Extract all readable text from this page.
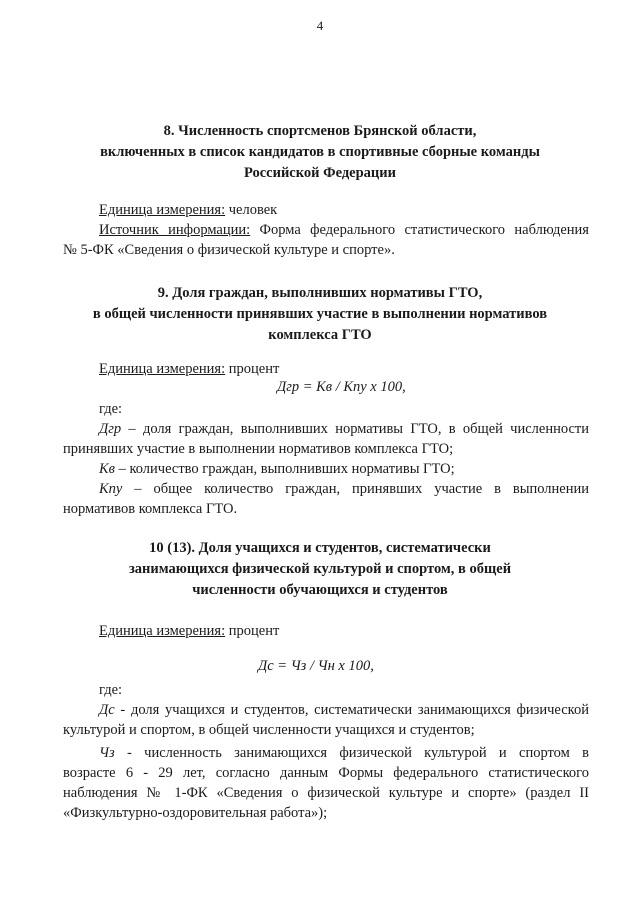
4
8. Численность спортсменов Брянской области,
включенных в список кандидатов в спортивные сборные команды
Российской Федерации
Единица измерения: человек
Источник информации: Форма федерального статистического наблюдения
№ 5-ФК «Сведения о физической культуре и спорте».
9. Доля граждан, выполнивших нормативы ГТО,
в общей численности принявших участие в выполнении нормативов
комплекса ГТО
Единица измерения: процент
Дгр = Кв / Кпу х 100,
где:
Дгр – доля граждан, выполнивших нормативы ГТО, в общей численности
принявших участие в выполнении нормативов комплекса ГТО;
Кв – количество граждан, выполнивших нормативы ГТО;
Кпу – общее количество граждан, принявших участие в выполнении
нормативов комплекса ГТО.
10 (13). Доля учащихся и студентов, систематически
занимающихся физической культурой и спортом, в общей
численности обучающихся и студентов
Единица измерения: процент
Дс = Чз / Чн х 100,
где:
Дс - доля учащихся и студентов, систематически занимающихся физической
культурой и спортом, в общей численности учащихся и студентов;
Чз - численность занимающихся физической культурой и спортом в
возрасте 6 - 29 лет, согласно данным Формы федерального статистического
наблюдения № 1-ФК «Сведения о физической культуре и спорте» (раздел II
«Физкультурно-оздоровительная работа»);
